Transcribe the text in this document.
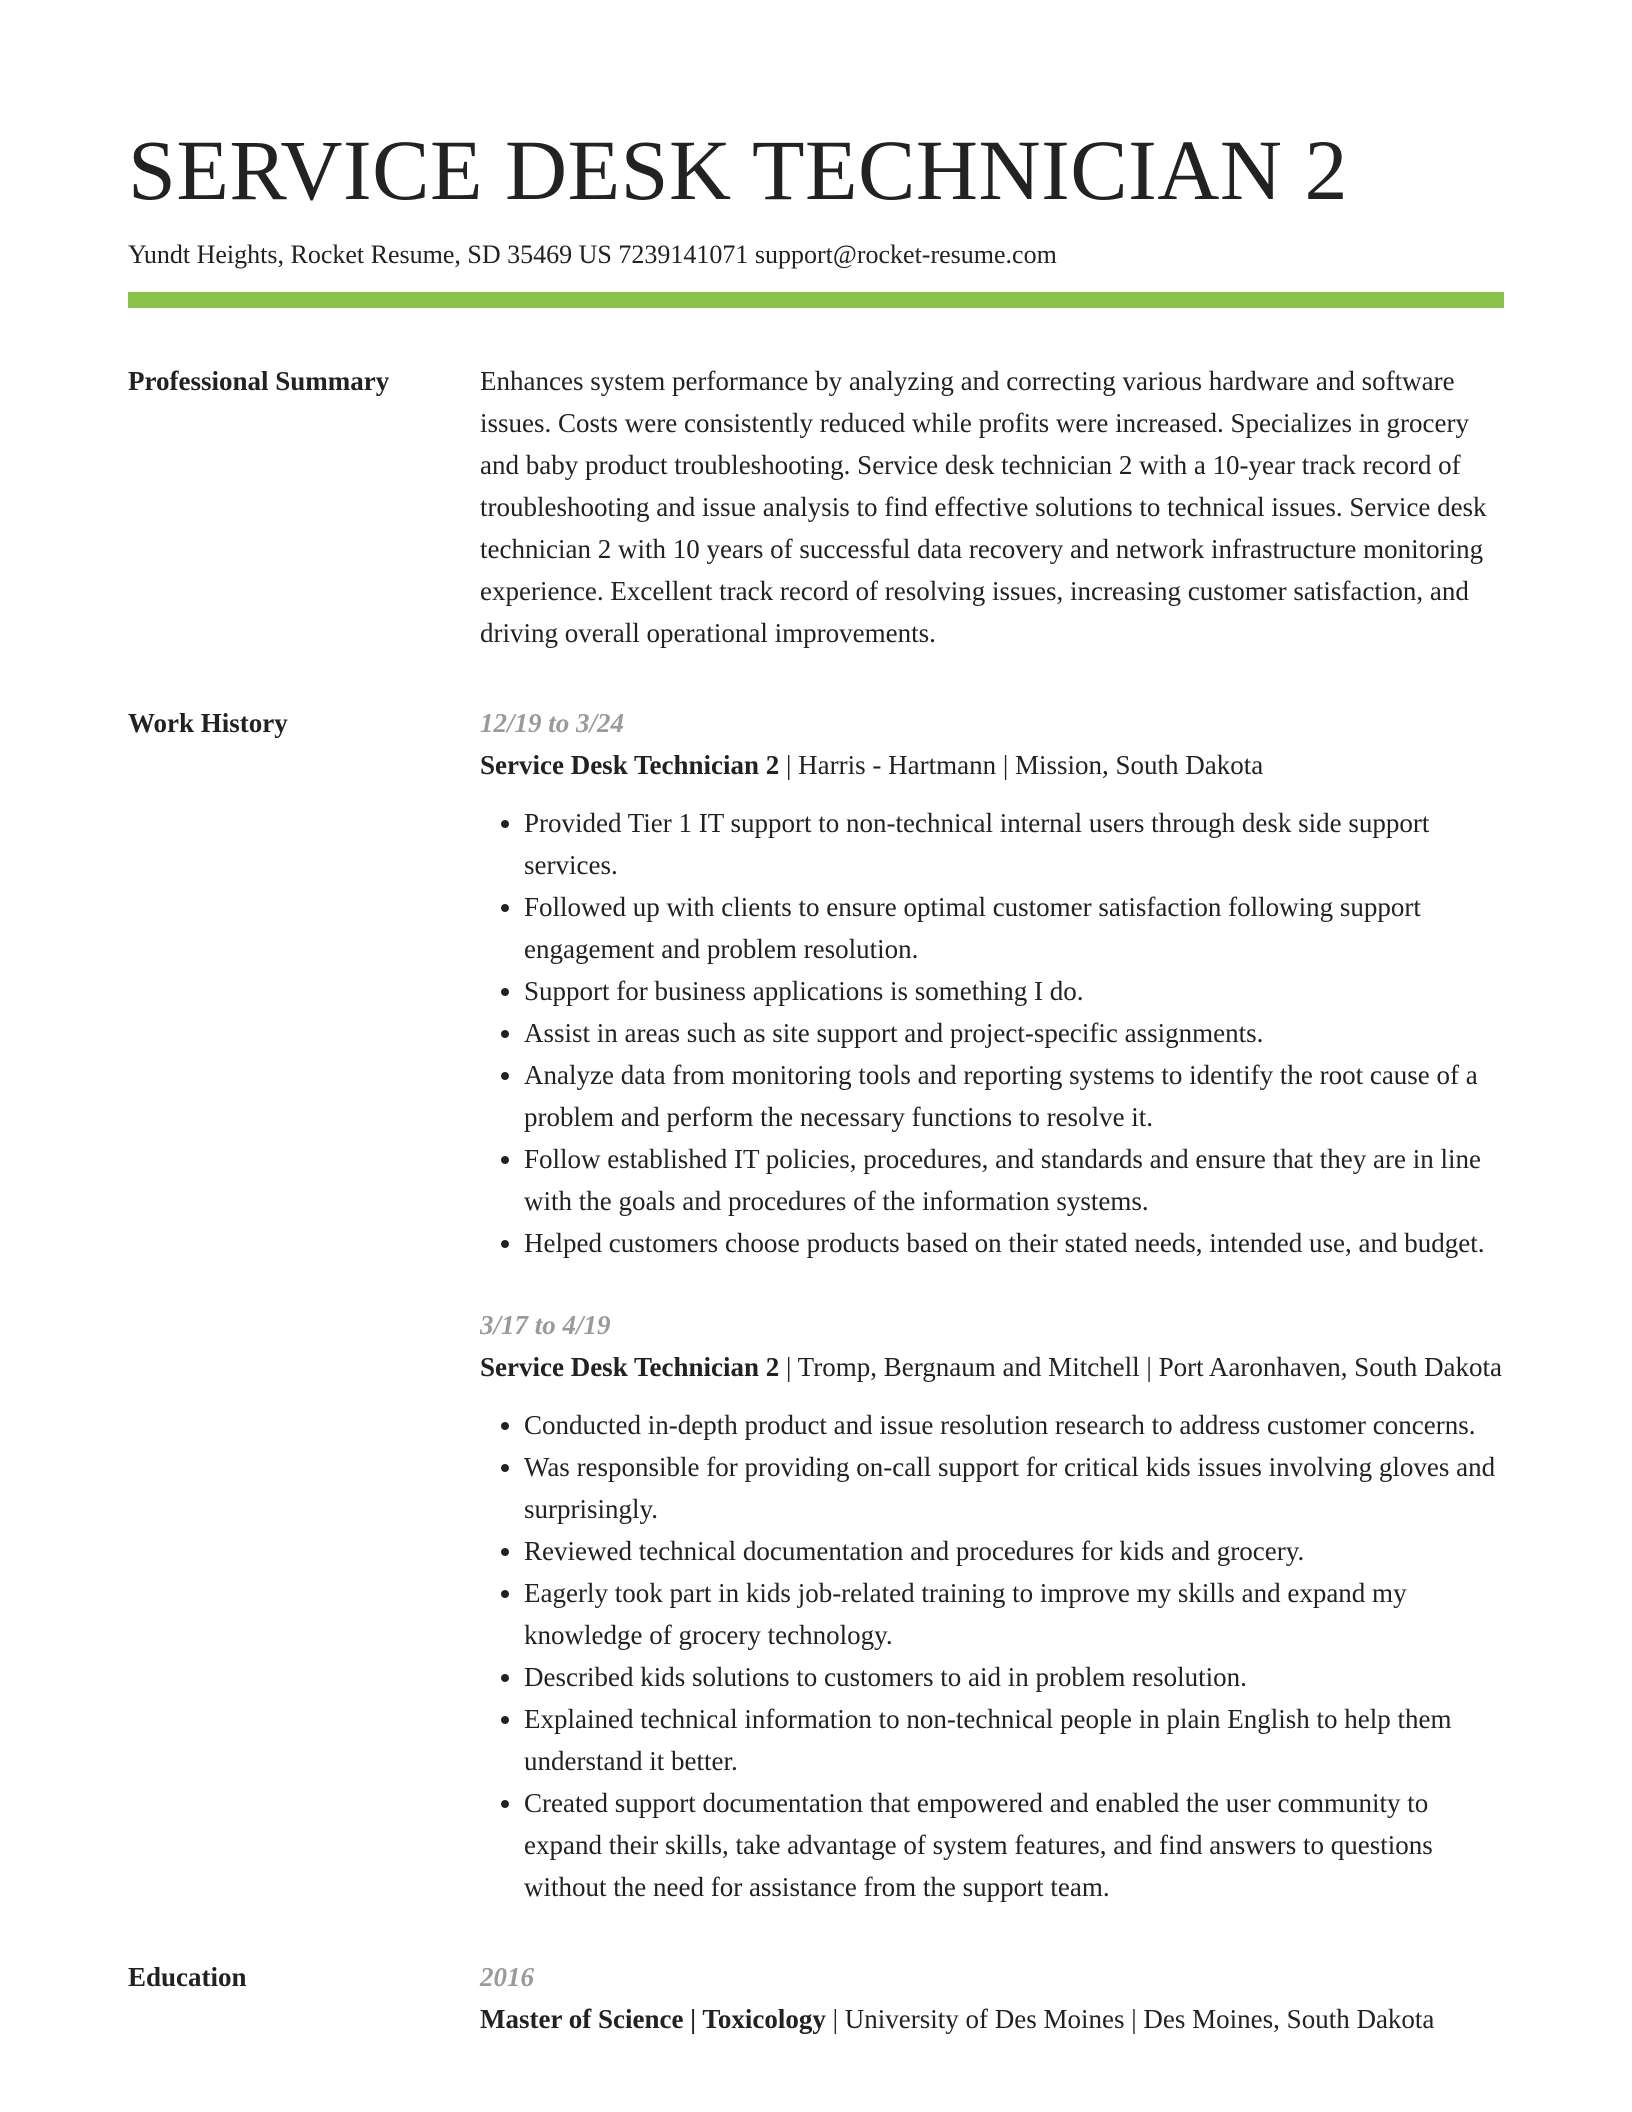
SERVICE DESK TECHNICIAN 2
Yundt Heights, Rocket Resume, SD 35469 US 7239141071 support@rocket-resume.com
Professional Summary	Enhances system performance by analyzing and correcting various hardware and software issues. Costs were consistently reduced while profits were increased. Specializes in grocery and baby product troubleshooting. Service desk technician 2 with a 10-year track record of troubleshooting and issue analysis to find effective solutions to technical issues. Service desk technician 2 with 10 years of successful data recovery and network infrastructure monitoring experience. Excellent track record of resolving issues, increasing customer satisfaction, and driving overall operational improvements.

Work History	12/19 to 3/24
Service Desk Technician 2 | Harris - Hartmann | Mission, South Dakota
• Provided Tier 1 IT support to non-technical internal users through desk side support services.
• Followed up with clients to ensure optimal customer satisfaction following support engagement and problem resolution.
• Support for business applications is something I do.
• Assist in areas such as site support and project-specific assignments.
• Analyze data from monitoring tools and reporting systems to identify the root cause of a problem and perform the necessary functions to resolve it.
• Follow established IT policies, procedures, and standards and ensure that they are in line with the goals and procedures of the information systems.
• Helped customers choose products based on their stated needs, intended use, and budget.
3/17 to 4/19
Service Desk Technician 2 | Tromp, Bergnaum and Mitchell | Port Aaronhaven, South Dakota
• Conducted in-depth product and issue resolution research to address customer concerns.
• Was responsible for providing on-call support for critical kids issues involving gloves and surprisingly.
• Reviewed technical documentation and procedures for kids and grocery.
• Eagerly took part in kids job-related training to improve my skills and expand my knowledge of grocery technology.
• Described kids solutions to customers to aid in problem resolution.
• Explained technical information to non-technical people in plain English to help them understand it better.
• Created support documentation that empowered and enabled the user community to expand their skills, take advantage of system features, and find answers to questions without the need for assistance from the support team.
Education	2016
Master of Science | Toxicology | University of Des Moines | Des Moines, South Dakota
